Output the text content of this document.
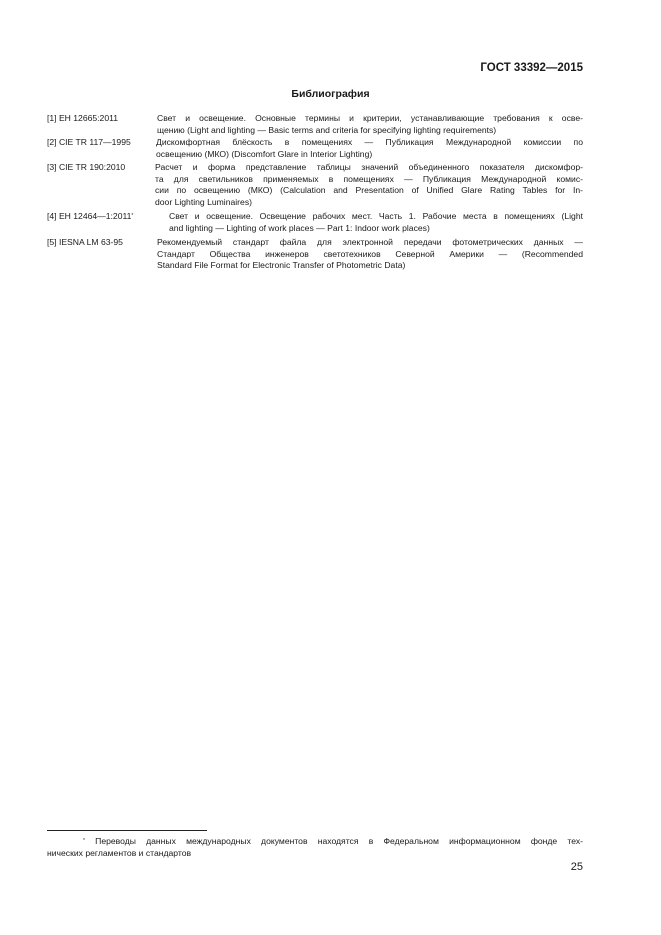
ГОСТ 33392—2015
Библиография
[1] ЕН 12665:2011	Свет и освещение. Основные термины и критерии, устанавливающие требования к осве-
щению (Light and lighting — Basic terms and criteria for specifying lighting requirements)
[2] CIE TR 117—1995	Дискомфортная блёскость в помещениях — Публикация Международной комиссии по
освещению (МКО) (Discomfort Glare in Interior Lighting)
[3] CIE TR 190:2010	Расчет и форма представление таблицы значений объединенного показателя дискомфор-
та для светильников применяемых в помещениях — Публикация Международной комис-
сии по освещению (МКО) (Calculation and Presentation of Unified Glare Rating Tables for In-
door Lighting Luminaires)
[4] ЕН 12464—1:2011*	Свет и освещение. Освещение рабочих мест. Часть 1. Рабочие места в помещениях (Light
and lighting — Lighting of work places — Part 1: Indoor work places)
[5] IESNA LM 63-95	Рекомендуемый стандарт файла для электронной передачи фотометрических данных —
Стандарт Общества инженеров светотехников Северной Америки — (Recommended
Standard File Format for Electronic Transfer of Photometric Data)
* Переводы данных международных документов находятся в Федеральном информационном фонде тех-
нических регламентов и стандартов
25
